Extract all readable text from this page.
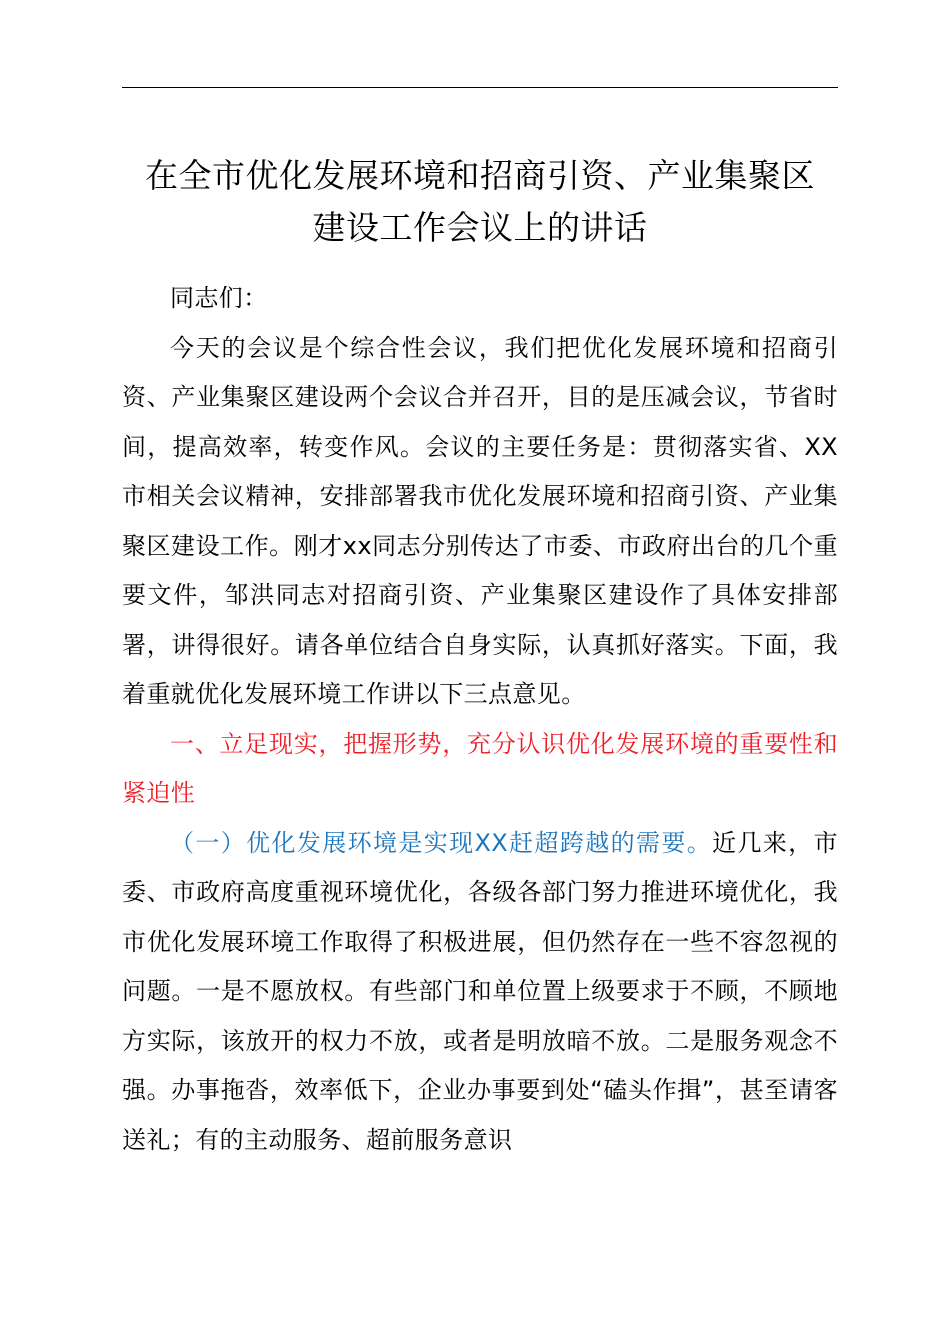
在全市优化发展环境和招商引资、产业集聚区
建设工作会议上的讲话

同志们：

今天的会议是个综合性会议，我们把优化发展环境和招商引资、产业集聚区建设两个会议合并召开，目的是压减会议，节省时间，提高效率，转变作风。会议的主要任务是：贯彻落实省、XX市相关会议精神，安排部署我市优化发展环境和招商引资、产业集聚区建设工作。刚才xx同志分别传达了市委、市政府出台的几个重要文件，邹洪同志对招商引资、产业集聚区建设作了具体安排部署，讲得很好。请各单位结合自身实际，认真抓好落实。下面，我着重就优化发展环境工作讲以下三点意见。

一、立足现实，把握形势，充分认识优化发展环境的重要性和紧迫性

（一）优化发展环境是实现XX赶超跨越的需要。近几来，市委、市政府高度重视环境优化，各级各部门努力推进环境优化，我市优化发展环境工作取得了积极进展，但仍然存在一些不容忽视的问题。一是不愿放权。有些部门和单位置上级要求于不顾，不顾地方实际，该放开的权力不放，或者是明放暗不放。二是服务观念不强。办事拖沓，效率低下，企业办事要到处“磕头作揖”，甚至请客送礼；有的主动服务、超前服务意识
